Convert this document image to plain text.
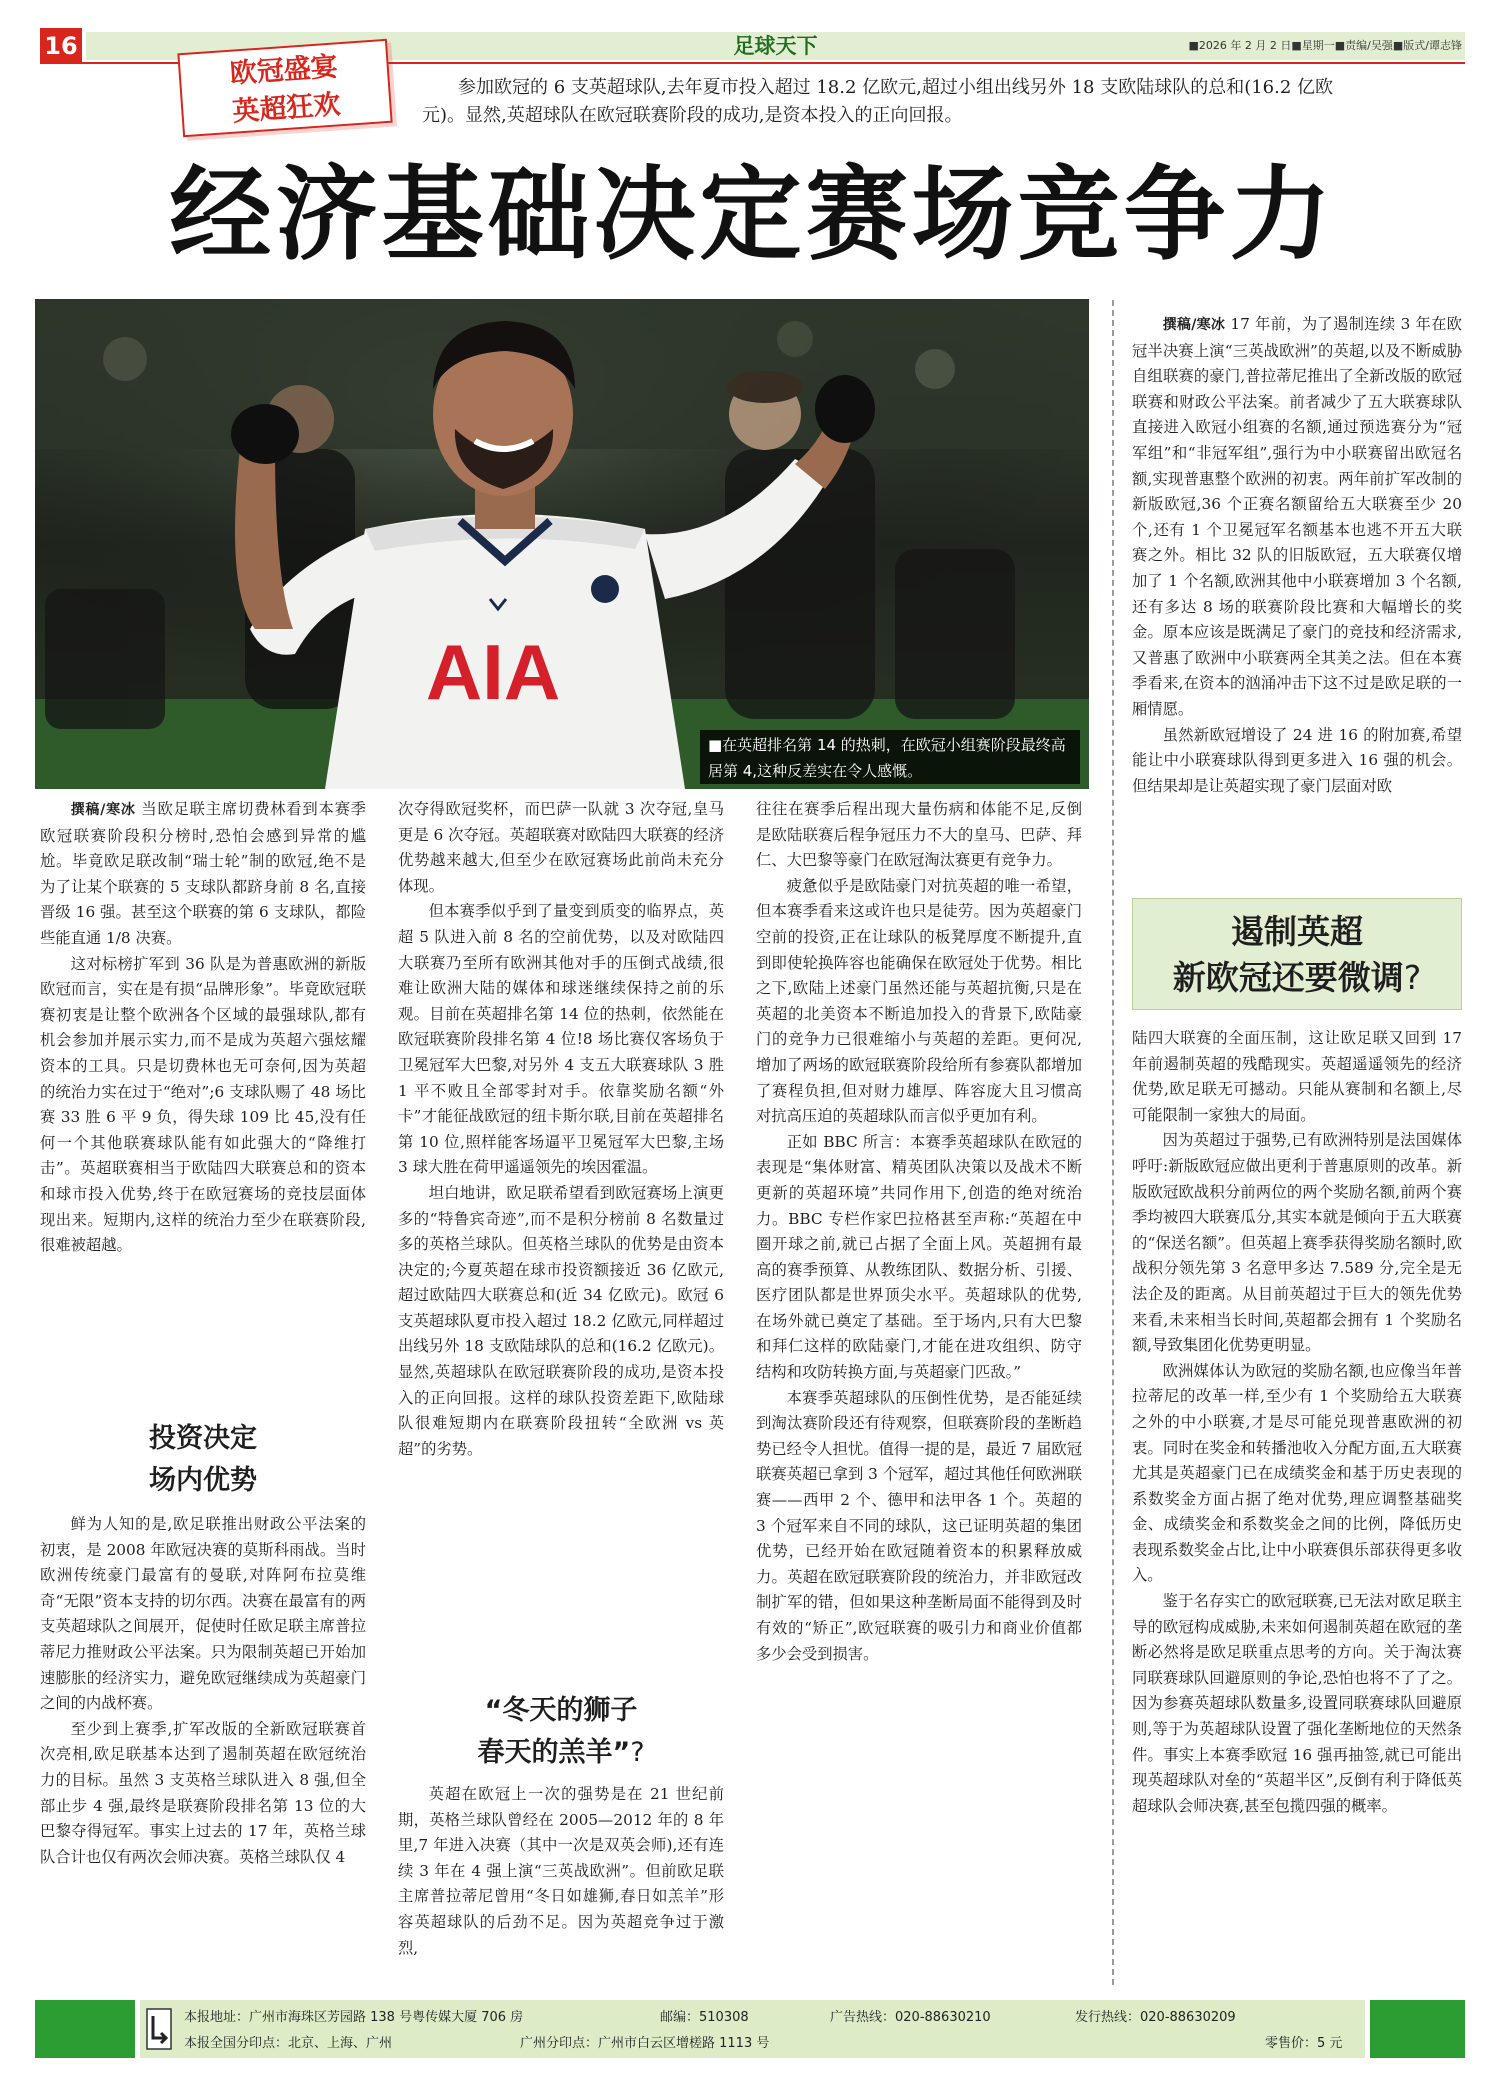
16	足球天下	■2026 年 2 月 2 日■星期一■责编/吴强■版式/谭志锋
欧冠盛宴
英超狂欢
参加欧冠的 6 支英超球队,去年夏市投入超过 18.2 亿欧元,超过小组出线另外 18 支欧陆球队的总和(16.2 亿欧元)。显然,英超球队在欧冠联赛阶段的成功,是资本投入的正向回报。
经济基础决定赛场竞争力
AIA
■在英超排名第 14 的热刺，在欧冠小组赛阶段最终高居第 4,这种反差实在令人感慨。

撰稿/寒冰 当欧足联主席切费林看到本赛季欧冠联赛阶段积分榜时,恐怕会感到异常的尴尬。毕竟欧足联改制“瑞士轮”制的欧冠,绝不是为了让某个联赛的 5 支球队都跻身前 8 名,直接晋级 16 强。甚至这个联赛的第 6 支球队，都险些能直通 1/8 决赛。

这对标榜扩军到 36 队是为普惠欧洲的新版欧冠而言，实在是有损“品牌形象”。毕竟欧冠联赛初衷是让整个欧洲各个区域的最强球队,都有机会参加并展示实力,而不是成为英超六强炫耀资本的工具。只是切费林也无可奈何,因为英超的统治力实在过于“绝对”;6 支球队赐了 48 场比赛 33 胜 6 平 9 负，得失球 109 比 45,没有任何一个其他联赛球队能有如此强大的“降维打击”。英超联赛相当于欧陆四大联赛总和的资本和球市投入优势,终于在欧冠赛场的竞技层面体现出来。短期内,这样的统治力至少在联赛阶段,很难被超越。

投资决定
场内优势

鲜为人知的是,欧足联推出财政公平法案的初衷，是 2008 年欧冠决赛的莫斯科雨战。当时欧洲传统豪门最富有的曼联,对阵阿布拉莫维奇“无限”资本支持的切尔西。决赛在最富有的两支英超球队之间展开，促使时任欧足联主席普拉蒂尼力推财政公平法案。只为限制英超已开始加速膨胀的经济实力，避免欧冠继续成为英超豪门之间的内战杯赛。

至少到上赛季,扩军改版的全新欧冠联赛首次亮相,欧足联基本达到了遏制英超在欧冠统治力的目标。虽然 3 支英格兰球队进入 8 强,但全部止步 4 强,最终是联赛阶段排名第 13 位的大巴黎夺得冠军。事实上过去的 17 年，英格兰球队合计也仅有两次会师决赛。英格兰球队仅 4

次夺得欧冠奖杯，而巴萨一队就 3 次夺冠,皇马更是 6 次夺冠。英超联赛对欧陆四大联赛的经济优势越来越大,但至少在欧冠赛场此前尚未充分体现。

但本赛季似乎到了量变到质变的临界点，英超 5 队进入前 8 名的空前优势，以及对欧陆四大联赛乃至所有欧洲其他对手的压倒式战绩,很难让欧洲大陆的媒体和球迷继续保持之前的乐观。目前在英超排名第 14 位的热刺，依然能在欧冠联赛阶段排名第 4 位!8 场比赛仅客场负于卫冕冠军大巴黎,对另外 4 支五大联赛球队 3 胜 1 平不败且全部零封对手。依靠奖励名额“外卡”才能征战欧冠的纽卡斯尔联,目前在英超排名第 10 位,照样能客场逼平卫冕冠军大巴黎,主场 3 球大胜在荷甲遥遥领先的埃因霍温。

坦白地讲，欧足联希望看到欧冠赛场上演更多的“特鲁宾奇迹”,而不是积分榜前 8 名数量过多的英格兰球队。但英格兰球队的优势是由资本决定的;今夏英超在球市投资额接近 36 亿欧元,超过欧陆四大联赛总和(近 34 亿欧元)。欧冠 6 支英超球队夏市投入超过 18.2 亿欧元,同样超过出线另外 18 支欧陆球队的总和(16.2 亿欧元)。显然,英超球队在欧冠联赛阶段的成功,是资本投入的正向回报。这样的球队投资差距下,欧陆球队很难短期内在联赛阶段扭转“全欧洲 vs 英超”的劣势。

“冬天的狮子
春天的羔羊”?

英超在欧冠上一次的强势是在 21 世纪前期，英格兰球队曾经在 2005—2012 年的 8 年里,7 年进入决赛（其中一次是双英会师),还有连续 3 年在 4 强上演“三英战欧洲”。但前欧足联主席普拉蒂尼曾用“冬日如雄狮,春日如羔羊”形容英超球队的后劲不足。因为英超竞争过于激烈,

往往在赛季后程出现大量伤病和体能不足,反倒是欧陆联赛后程争冠压力不大的皇马、巴萨、拜仁、大巴黎等豪门在欧冠淘汰赛更有竞争力。

疲惫似乎是欧陆豪门对抗英超的唯一希望，但本赛季看来这或许也只是徒劳。因为英超豪门空前的投资,正在让球队的板凳厚度不断提升,直到即使轮换阵容也能确保在欧冠处于优势。相比之下,欧陆上述豪门虽然还能与英超抗衡,只是在英超的北美资本不断追加投入的背景下,欧陆豪门的竞争力已很难缩小与英超的差距。更何况,增加了两场的欧冠联赛阶段给所有参赛队都增加了赛程负担,但对财力雄厚、阵容庞大且习惯高对抗高压迫的英超球队而言似乎更加有利。

正如 BBC 所言：本赛季英超球队在欧冠的表现是“集体财富、精英团队决策以及战术不断更新的英超环境”共同作用下,创造的绝对统治力。BBC 专栏作家巴拉格甚至声称:“英超在中圈开球之前,就已占据了全面上风。英超拥有最高的赛季预算、从教练团队、数据分析、引援、医疗团队都是世界顶尖水平。英超球队的优势,在场外就已奠定了基础。至于场内,只有大巴黎和拜仁这样的欧陆豪门,才能在进攻组织、防守结构和攻防转换方面,与英超豪门匹敌。”

本赛季英超球队的压倒性优势，是否能延续到淘汰赛阶段还有待观察，但联赛阶段的垄断趋势已经令人担忧。值得一提的是，最近 7 届欧冠联赛英超已拿到 3 个冠军，超过其他任何欧洲联赛——西甲 2 个、德甲和法甲各 1 个。英超的 3 个冠军来自不同的球队，这已证明英超的集团优势，已经开始在欧冠随着资本的积累释放威力。英超在欧冠联赛阶段的统治力，并非欧冠改制扩军的错，但如果这种垄断局面不能得到及时有效的“矫正”,欧冠联赛的吸引力和商业价值都多少会受到损害。

撰稿/寒冰 17 年前，为了遏制连续 3 年在欧冠半决赛上演“三英战欧洲”的英超,以及不断威胁自组联赛的豪门,普拉蒂尼推出了全新改版的欧冠联赛和财政公平法案。前者减少了五大联赛球队直接进入欧冠小组赛的名额,通过预选赛分为“冠军组”和“非冠军组”,强行为中小联赛留出欧冠名额,实现普惠整个欧洲的初衷。两年前扩军改制的新版欧冠,36 个正赛名额留给五大联赛至少 20 个,还有 1 个卫冕冠军名额基本也逃不开五大联赛之外。相比 32 队的旧版欧冠，五大联赛仅增加了 1 个名额,欧洲其他中小联赛增加 3 个名额,还有多达 8 场的联赛阶段比赛和大幅增长的奖金。原本应该是既满足了豪门的竞技和经济需求,又普惠了欧洲中小联赛两全其美之法。但在本赛季看来,在资本的汹涌冲击下这不过是欧足联的一厢情愿。

虽然新欧冠增设了 24 进 16 的附加赛,希望能让中小联赛球队得到更多进入 16 强的机会。但结果却是让英超实现了豪门层面对欧

遏制英超
新欧冠还要微调?

陆四大联赛的全面压制，这让欧足联又回到 17 年前遏制英超的残酷现实。英超遥遥领先的经济优势,欧足联无可撼动。只能从赛制和名额上,尽可能限制一家独大的局面。

因为英超过于强势,已有欧洲特别是法国媒体呼吁:新版欧冠应做出更利于普惠原则的改革。新版欧冠欧战积分前两位的两个奖励名额,前两个赛季均被四大联赛瓜分,其实本就是倾向于五大联赛的“保送名额”。但英超上赛季获得奖励名额时,欧战积分领先第 3 名意甲多达 7.589 分,完全是无法企及的距离。从目前英超过于巨大的领先优势来看,未来相当长时间,英超都会拥有 1 个奖励名额,导致集团化优势更明显。

欧洲媒体认为欧冠的奖励名额,也应像当年普拉蒂尼的改革一样,至少有 1 个奖励给五大联赛之外的中小联赛,才是尽可能兑现普惠欧洲的初衷。同时在奖金和转播池收入分配方面,五大联赛尤其是英超豪门已在成绩奖金和基于历史表现的系数奖金方面占据了绝对优势,理应调整基础奖金、成绩奖金和系数奖金之间的比例，降低历史表现系数奖金占比,让中小联赛俱乐部获得更多收入。

鉴于名存实亡的欧冠联赛,已无法对欧足联主导的欧冠构成威胁,未来如何遏制英超在欧冠的垄断必然将是欧足联重点思考的方向。关于淘汰赛同联赛球队回避原则的争论,恐怕也将不了了之。因为参赛英超球队数量多,设置同联赛球队回避原则,等于为英超球队设置了强化垄断地位的天然条件。事实上本赛季欧冠 16 强再抽签,就已可能出现英超球队对垒的“英超半区”,反倒有利于降低英超球队会师决赛,甚至包揽四强的概率。

本报地址：广州市海珠区芳园路 138 号粤传媒大厦 706 房	邮编：510308	广告热线：020-88630210	发行热线：020-88630209
本报全国分印点：北京、上海、广州	广州分印点：广州市白云区增槎路 1113 号	零售价：5 元
